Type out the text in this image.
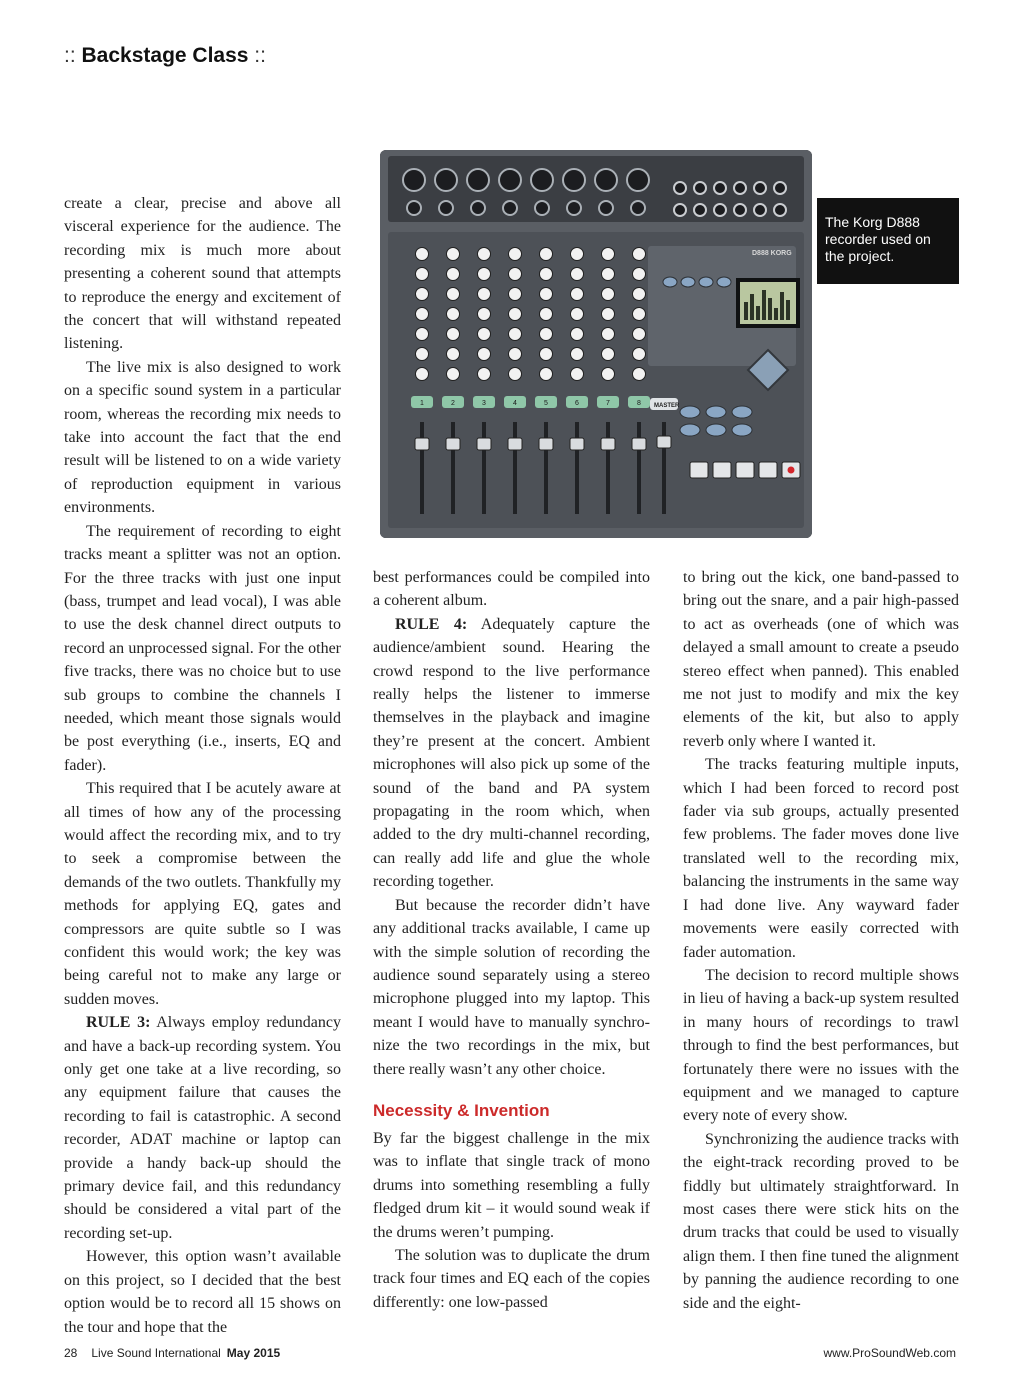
:: Backstage Class ::
1	2	3	4	5	6	7	8
D888 KORG
MASTER
The Korg D888 recorder used on the project.

create a clear, precise and above all visceral experience for the audience. The recording mix is much more about presenting a coherent sound that attempts to reproduce the energy and excitement of the concert that will withstand repeated listening.

The live mix is also designed to work on a specific sound system in a particular room, whereas the recording mix needs to take into account the fact that the end result will be listened to on a wide variety of reproduction equipment in various environments.

The requirement of recording to eight tracks meant a splitter was not an option. For the three tracks with just one input (bass, trumpet and lead vocal), I was able to use the desk channel direct outputs to record an unprocessed signal. For the other five tracks, there was no choice but to use sub groups to combine the channels I needed, which meant those signals would be post everything (i.e., inserts, EQ and fader).

This required that I be acutely aware at all times of how any of the processing would affect the recording mix, and to try to seek a compromise between the demands of the two outlets. Thankfully my methods for applying EQ, gates and compressors are quite subtle so I was confident this would work; the key was being careful not to make any large or sudden moves.

RULE 3: Always employ redundancy and have a back-up recording system. You only get one take at a live recording, so any equipment failure that causes the recording to fail is catastrophic. A second recorder, ADAT machine or laptop can provide a handy back-up should the primary device fail, and this redundancy should be considered a vital part of the recording set-up.

However, this option wasn’t available on this project, so I decided that the best option would be to record all 15 shows on the tour and hope that the

best performances could be compiled into a coherent album.

RULE 4: Adequately capture the audience/ambient sound. Hearing the crowd respond to the live performance really helps the listener to immerse themselves in the playback and imagine they’re present at the concert. Ambient microphones will also pick up some of the sound of the band and PA system propagating in the room which, when added to the dry multi-channel recording, can really add life and glue the whole recording together.

But because the recorder didn’t have any additional tracks available, I came up with the simple solution of recording the audience sound separately using a stereo microphone plugged into my laptop. This meant I would have to manually synchronize the two recordings in the mix, but there really wasn’t any other choice.

Necessity & Invention

By far the biggest challenge in the mix was to inflate that single track of mono drums into something resembling a fully fledged drum kit – it would sound weak if the drums weren’t pumping.

The solution was to duplicate the drum track four times and EQ each of the copies differently: one low-passed

to bring out the kick, one band-passed to bring out the snare, and a pair high-passed to act as overheads (one of which was delayed a small amount to create a pseudo stereo effect when panned). This enabled me not just to modify and mix the key elements of the kit, but also to apply reverb only where I wanted it.

The tracks featuring multiple inputs, which I had been forced to record post fader via sub groups, actually presented few problems. The fader moves done live translated well to the recording mix, balancing the instruments in the same way I had done live. Any wayward fader movements were easily corrected with fader automation.

The decision to record multiple shows in lieu of having a back-up system resulted in many hours of recordings to trawl through to find the best performances, but fortunately there were no issues with the equipment and we managed to capture every note of every show.

Synchronizing the audience tracks with the eight-track recording proved to be fiddly but ultimately straightforward. In most cases there were stick hits on the drum tracks that could be used to visually align them. I then fine tuned the alignment by panning the audience recording to one side and the eight-

28 Live Sound International May 2015	www.ProSoundWeb.com
